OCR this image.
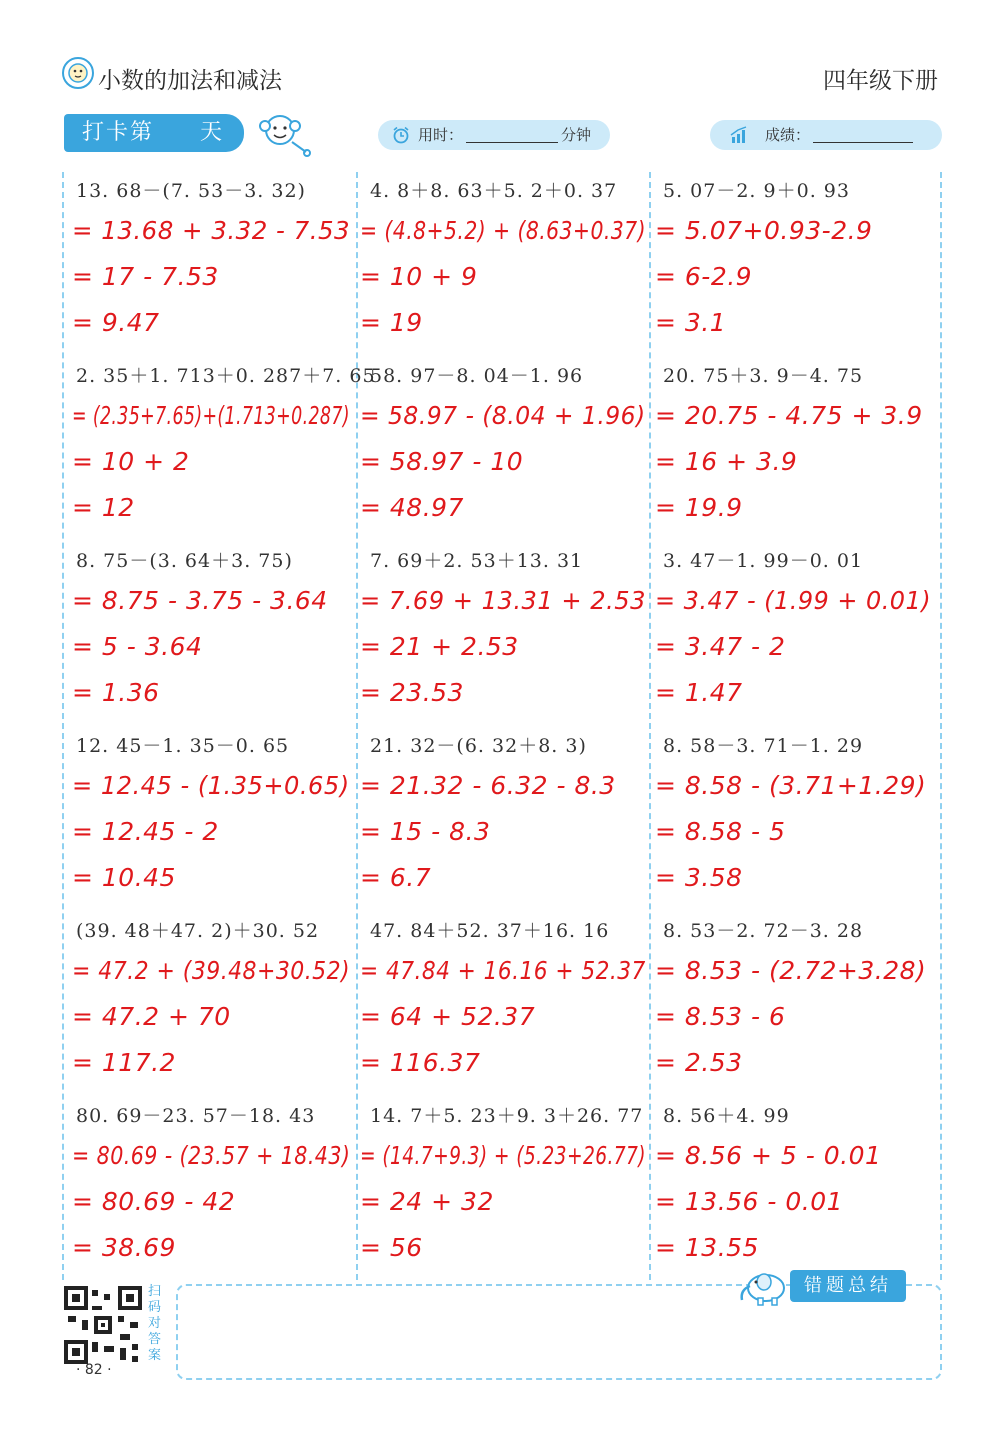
小数的加法和减法	四年级下册
打卡第 天	用时：	分钟	成绩：
13. 68－(7. 53－3. 32)
= 13.68 + 3.32 - 7.53
= 17 - 7.53
= 9.47
4. 8＋8. 63＋5. 2＋0. 37
= (4.8+5.2) + (8.63+0.37)
= 10 + 9
= 19
5. 07－2. 9＋0. 93
= 5.07+0.93-2.9
= 6-2.9
= 3.1
2. 35＋1. 713＋0. 287＋7. 65
= (2.35+7.65)+(1.713+0.287)
= 10 + 2
= 12
58. 97－8. 04－1. 96
= 58.97 - (8.04 + 1.96)
= 58.97 - 10
= 48.97
20. 75＋3. 9－4. 75
= 20.75 - 4.75 + 3.9
= 16 + 3.9
= 19.9
8. 75－(3. 64＋3. 75)
= 8.75 - 3.75 - 3.64
= 5 - 3.64
= 1.36
7. 69＋2. 53＋13. 31
= 7.69 + 13.31 + 2.53
= 21 + 2.53
= 23.53
3. 47－1. 99－0. 01
= 3.47 - (1.99 + 0.01)
= 3.47 - 2
= 1.47
12. 45－1. 35－0. 65
= 12.45 - (1.35+0.65)
= 12.45 - 2
= 10.45
21. 32－(6. 32＋8. 3)
= 21.32 - 6.32 - 8.3
= 15 - 8.3
= 6.7
8. 58－3. 71－1. 29
= 8.58 - (3.71+1.29)
= 8.58 - 5
= 3.58
(39. 48＋47. 2)＋30. 52
= 47.2 + (39.48+30.52)
= 47.2 + 70
= 117.2
47. 84＋52. 37＋16. 16
= 47.84 + 16.16 + 52.37
= 64 + 52.37
= 116.37
8. 53－2. 72－3. 28
= 8.53 - (2.72+3.28)
= 8.53 - 6
= 2.53
80. 69－23. 57－18. 43
= 80.69 - (23.57 + 18.43)
= 80.69 - 42
= 38.69
14. 7＋5. 23＋9. 3＋26. 77
= (14.7+9.3) + (5.23+26.77)
= 24 + 32
= 56
8. 56＋4. 99
= 8.56 + 5 - 0.01
= 13.56 - 0.01
= 13.55
扫码对答案
· 82 ·
错题总结
